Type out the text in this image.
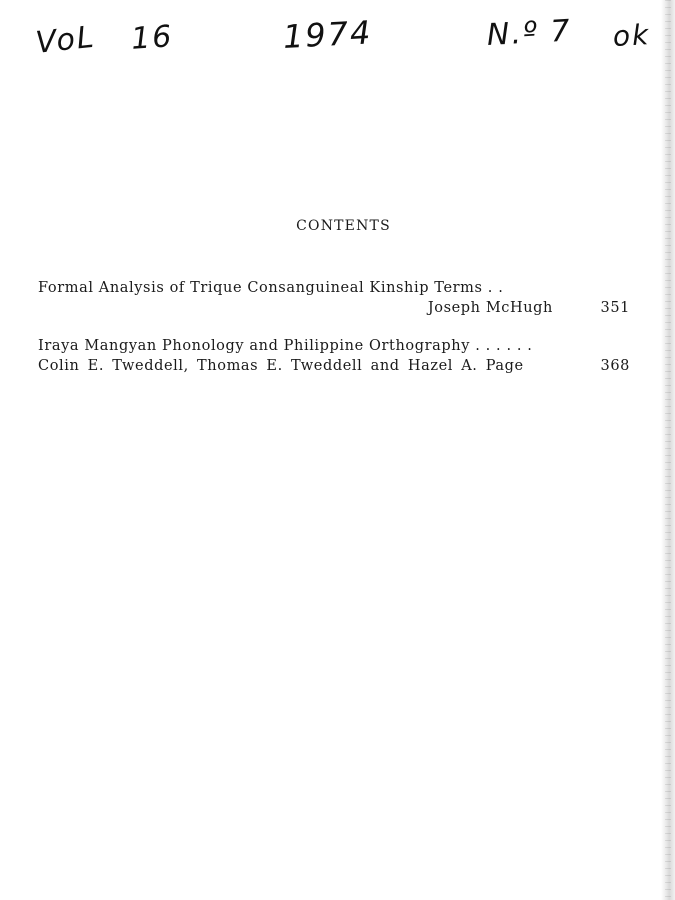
VoL 16	1974	N.º 7 ok
CONTENTS
Formal Analysis of Trique Consanguineal Kinship Terms . .
Joseph McHugh	351
Iraya Mangyan Phonology and Philippine Orthography . . . . . .
Colin E. Tweddell, Thomas E. Tweddell and Hazel A. Page	368
